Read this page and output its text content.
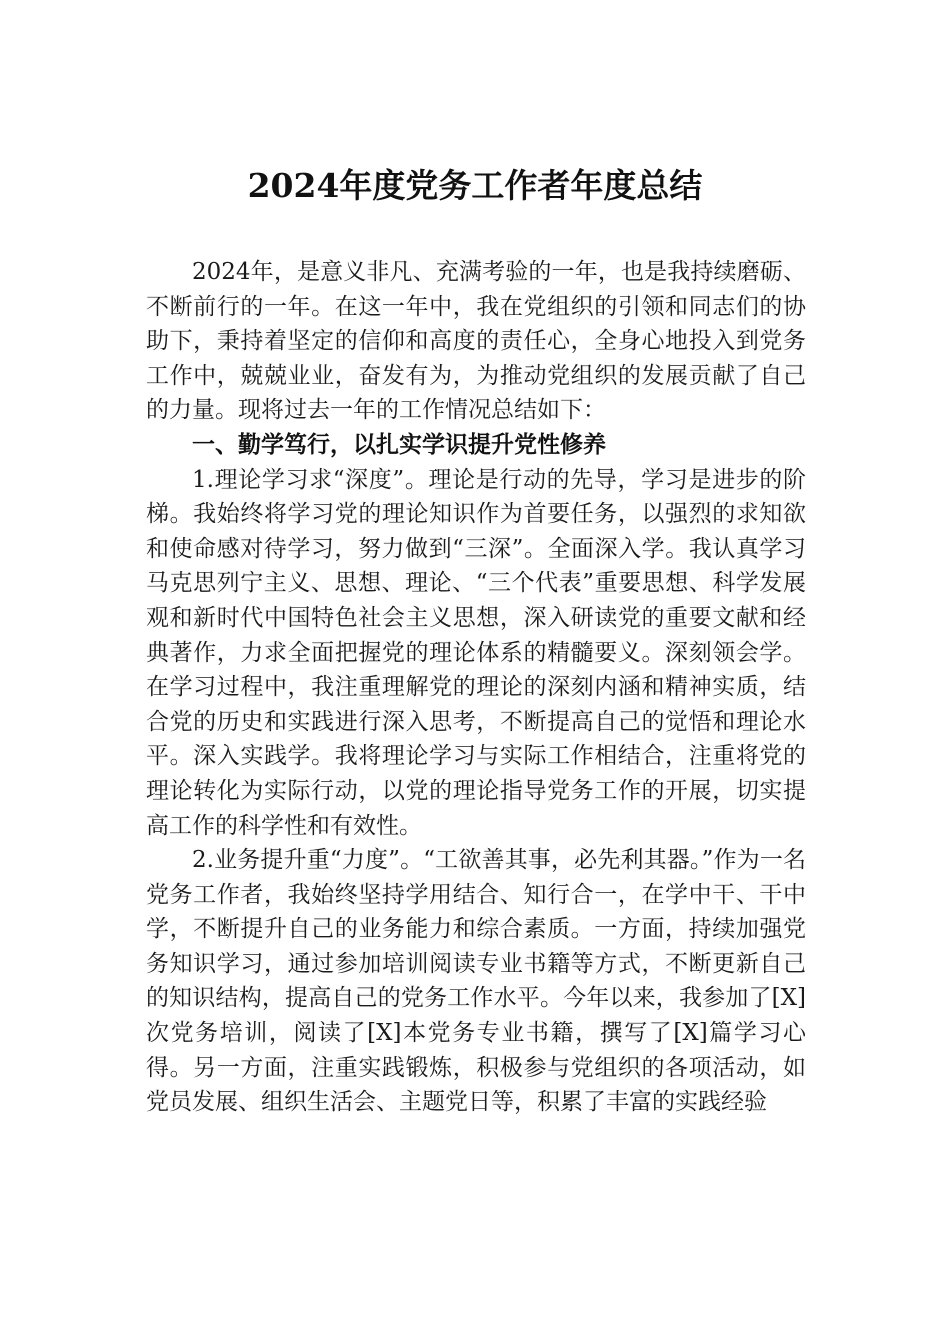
2024年度党务工作者年度总结

2024年，是意义非凡、充满考验的一年，也是我持续磨砺、不断前行的一年。在这一年中，我在党组织的引领和同志们的协助下，秉持着坚定的信仰和高度的责任心，全身心地投入到党务工作中，兢兢业业，奋发有为，为推动党组织的发展贡献了自己的力量。现将过去一年的工作情况总结如下：

一、勤学笃行，以扎实学识提升党性修养

1.理论学习求“深度”。理论是行动的先导，学习是进步的阶梯。我始终将学习党的理论知识作为首要任务，以强烈的求知欲和使命感对待学习，努力做到“三深”。全面深入学。我认真学习马克思列宁主义、思想、理论、“三个代表”重要思想、科学发展观和新时代中国特色社会主义思想，深入研读党的重要文献和经典著作，力求全面把握党的理论体系的精髓要义。深刻领会学。在学习过程中，我注重理解党的理论的深刻内涵和精神实质，结合党的历史和实践进行深入思考，不断提高自己的觉悟和理论水平。深入实践学。我将理论学习与实际工作相结合，注重将党的理论转化为实际行动，以党的理论指导党务工作的开展，切实提高工作的科学性和有效性。

2.业务提升重“力度”。“工欲善其事，必先利其器。”作为一名党务工作者，我始终坚持学用结合、知行合一，在学中干、干中学，不断提升自己的业务能力和综合素质。一方面，持续加强党务知识学习，通过参加培训阅读专业书籍等方式，不断更新自己的知识结构，提高自己的党务工作水平。今年以来，我参加了[X]次党务培训，阅读了[X]本党务专业书籍，撰写了[X]篇学习心得。另一方面，注重实践锻炼，积极参与党组织的各项活动，如党员发展、组织生活会、主题党日等，积累了丰富的实践经验
